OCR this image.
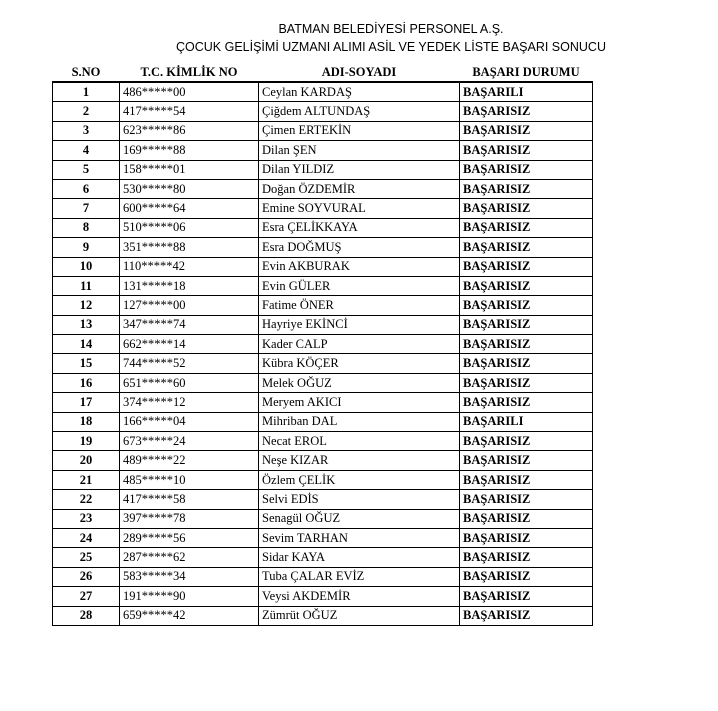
BATMAN BELEDİYESİ PERSONEL A.Ş.
ÇOCUK GELİŞİMİ UZMANI ALIMI ASİL VE YEDEK LİSTE BAŞARI SONUCU
S.NO	T.C. KİMLİK NO	ADI-SOYADI	BAŞARI DURUMU
1	486*****00	Ceylan KARDAŞ	BAŞARILI
2	417*****54	Çiğdem ALTUNDAŞ	BAŞARISIZ
3	623*****86	Çimen ERTEKİN	BAŞARISIZ
4	169*****88	Dilan ŞEN	BAŞARISIZ
5	158*****01	Dilan YILDIZ	BAŞARISIZ
6	530*****80	Doğan ÖZDEMİR	BAŞARISIZ
7	600*****64	Emine SOYVURAL	BAŞARISIZ
8	510*****06	Esra ÇELİKKAYA	BAŞARISIZ
9	351*****88	Esra DOĞMUŞ	BAŞARISIZ
10	110*****42	Evin AKBURAK	BAŞARISIZ
11	131*****18	Evin GÜLER	BAŞARISIZ
12	127*****00	Fatime ÖNER	BAŞARISIZ
13	347*****74	Hayriye EKİNCİ	BAŞARISIZ
14	662*****14	Kader CALP	BAŞARISIZ
15	744*****52	Kübra KÖÇER	BAŞARISIZ
16	651*****60	Melek OĞUZ	BAŞARISIZ
17	374*****12	Meryem AKICI	BAŞARISIZ
18	166*****04	Mihriban DAL	BAŞARILI
19	673*****24	Necat EROL	BAŞARISIZ
20	489*****22	Neşe KIZAR	BAŞARISIZ
21	485*****10	Özlem ÇELİK	BAŞARISIZ
22	417*****58	Selvi EDİS	BAŞARISIZ
23	397*****78	Senagül OĞUZ	BAŞARISIZ
24	289*****56	Sevim TARHAN	BAŞARISIZ
25	287*****62	Sidar KAYA	BAŞARISIZ
26	583*****34	Tuba ÇALAR EVİZ	BAŞARISIZ
27	191*****90	Veysi AKDEMİR	BAŞARISIZ
28	659*****42	Zümrüt OĞUZ	BAŞARISIZ
